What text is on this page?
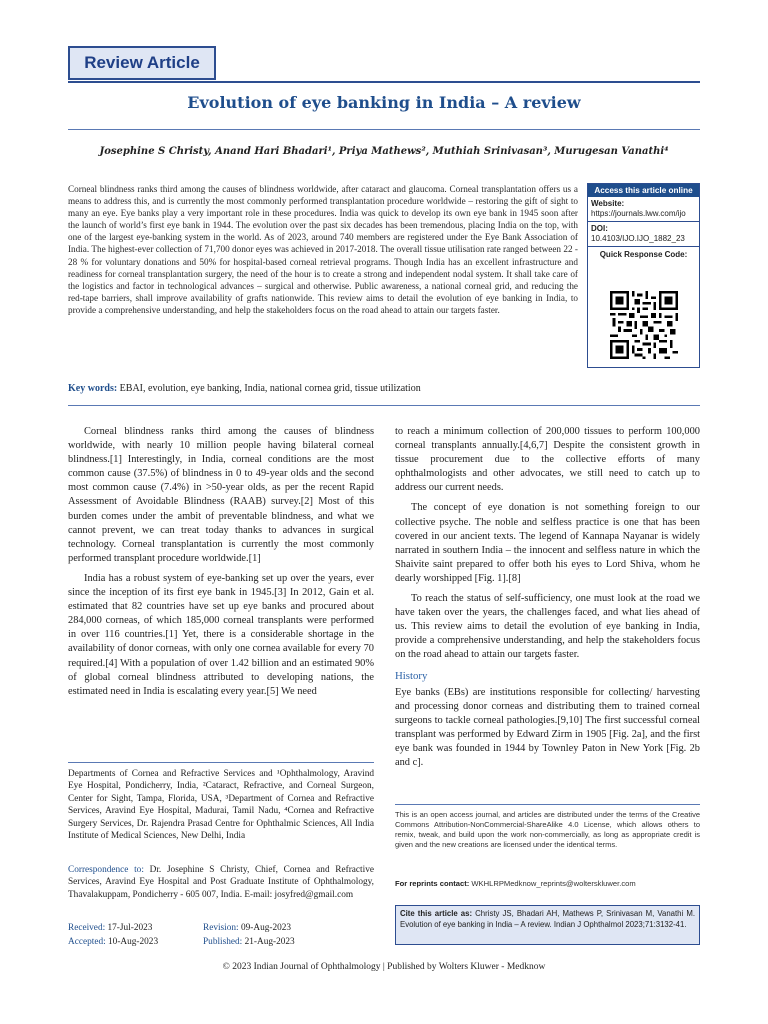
Review Article
Evolution of eye banking in India – A review
Josephine S Christy, Anand Hari Bhadari¹, Priya Mathews², Muthiah Srinivasan³, Murugesan Vanathi⁴
Corneal blindness ranks third among the causes of blindness worldwide, after cataract and glaucoma. Corneal transplantation offers us a means to address this, and is currently the most commonly performed transplantation procedure worldwide – restoring the gift of sight to many an eye. Eye banks play a very important role in these procedures. India was quick to develop its own eye bank in 1945 soon after the launch of world’s first eye bank in 1944. The evolution over the past six decades has been tremendous, placing India on the top, with one of the largest eye-banking system in the world. As of 2023, around 740 members are registered under the Eye Bank Association of India. The highest-ever collection of 71,700 donor eyes was achieved in 2017-2018. The overall tissue utilisation rate ranged between 22 - 28 % for voluntary donations and 50% for hospital-based corneal retrieval programs. Though India has an excellent infrastructure and readiness for corneal transplantation surgery, the need of the hour is to create a strong and independent nodal system. It shall take care of the logistics and factor in technological advances – surgical and otherwise. Public awareness, a national corneal grid, and reducing the red-tape barriers, shall improve availability of grafts nationwide. This review aims to detail the evolution of eye banking in India, to provide a comprehensive understanding, and help the stakeholders focus on the road ahead to attain our targets faster.
Key words: EBAI, evolution, eye banking, India, national cornea grid, tissue utilization
Access this article online
Website:
https://journals.lww.com/ijo
DOI:
10.4103/IJO.IJO_1882_23
Quick Response Code:

Corneal blindness ranks third among the causes of blindness worldwide, with nearly 10 million people having bilateral corneal blindness.[1] Interestingly, in India, corneal conditions are the most common cause (37.5%) of blindness in 0 to 49-year olds and the second most common cause (7.4%) in >50-year olds, as per the recent Rapid Assessment of Avoidable Blindness (RAAB) survey.[2] Most of this burden comes under the ambit of preventable blindness, and what we cannot prevent, we can treat today thanks to advances in surgical technology. Corneal transplantation is currently the most commonly performed transplant procedure worldwide.[1]

India has a robust system of eye-banking set up over the years, ever since the inception of its first eye bank in 1945.[3] In 2012, Gain et al. estimated that 82 countries have set up eye banks and procured about 284,000 corneas, of which 185,000 corneal transplants were performed in over 116 countries.[1] Yet, there is a considerable shortage in the availability of donor corneas, with only one cornea available for every 70 required.[4] With a population of over 1.42 billion and an estimated 90% of global corneal blindness attributed to developing nations, the estimated need in India is escalating every year.[5] We need

to reach a minimum collection of 200,000 tissues to perform 100,000 corneal transplants annually.[4,6,7] Despite the consistent growth in tissue procurement due to the collective efforts of many ophthalmologists and other advocates, we still need to catch up to address our current needs.

The concept of eye donation is not something foreign to our collective psyche. The noble and selfless practice is one that has been covered in our ancient texts. The legend of Kannapa Nayanar is widely narrated in southern India – the innocent and selfless nature in which the Shaivite saint prepared to offer both his eyes to Lord Shiva, whom he dearly worshipped [Fig. 1].[8]

To reach the status of self-sufficiency, one must look at the road we have taken over the years, the challenges faced, and what lies ahead of us. This review aims to detail the evolution of eye banking in India, provide a comprehensive understanding, and help the stakeholders focus on the road ahead to attain our targets faster.

History

Eye banks (EBs) are institutions responsible for collecting/ harvesting and processing donor corneas and distributing them to trained corneal surgeons to tackle corneal pathologies.[9,10] The first successful corneal transplant was performed by Edward Zirm in 1905 [Fig. 2a], and the first eye bank was founded in 1944 by Townley Paton in New York [Fig. 2b and c].

Departments of Cornea and Refractive Services and ¹Ophthalmology, Aravind Eye Hospital, Pondicherry, India, ²Cataract, Refractive, and Corneal Surgeon, Center for Sight, Tampa, Florida, USA, ³Department of Cornea and Refractive Services, Aravind Eye Hospital, Madurai, Tamil Nadu, ⁴Cornea and Refractive Surgery Services, Dr. Rajendra Prasad Centre for Ophthalmic Sciences, All India Institute of Medical Sciences, New Delhi, India
Correspondence to: Dr. Josephine S Christy, Chief, Cornea and Refractive Services, Aravind Eye Hospital and Post Graduate Institute of Ophthalmology, Thavalakuppam, Pondicherry - 605 007, India. E-mail: josyfred@gmail.com
Received: 17-Jul-2023	Revision: 09-Aug-2023
Accepted: 10-Aug-2023	Published: 21-Aug-2023
This is an open access journal, and articles are distributed under the terms of the Creative Commons Attribution-NonCommercial-ShareAlike 4.0 License, which allows others to remix, tweak, and build upon the work non-commercially, as long as appropriate credit is given and the new creations are licensed under the identical terms.
For reprints contact: WKHLRPMedknow_reprints@wolterskluwer.com
Cite this article as: Christy JS, Bhadari AH, Mathews P, Srinivasan M, Vanathi M. Evolution of eye banking in India – A review. Indian J Ophthalmol 2023;71:3132-41.
© 2023 Indian Journal of Ophthalmology | Published by Wolters Kluwer - Medknow
